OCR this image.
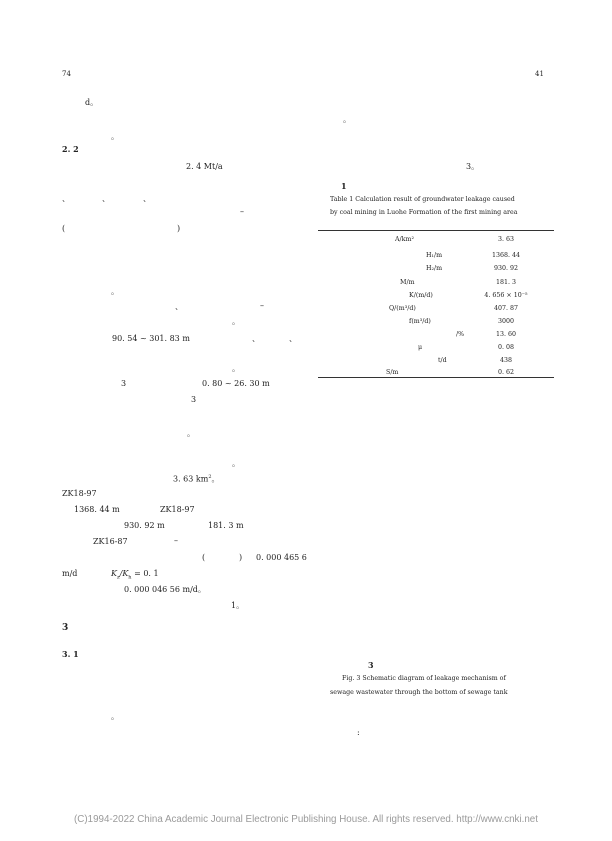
74	41
d。
。
2. 2
2. 4 Mt/a
、	、	、
–
(	)
。
、	–
。
90. 54 ~ 301. 83 m	、	、
。
3	0. 80 ~ 26. 30 m
3
。
。
3. 63 $km^2$。
ZK18-97
1368. 44 m	ZK18-97
930. 92 m	181. 3 m
ZK16-87	–
(	) 0. 000 465 6
m/d	$K_z/K_h = 0$. 1
0. 000 046 56 m/d。
1。
3
3. 1
。
。
3。
1
Table 1 Calculation result of groundwater leakage caused
by coal mining in Luohe Formation of the first mining area
A/km²	3. 63
H₁/m	1368. 44
H₂/m	930. 92
M/m	181. 3
K/(m/d)	4. 656 × 10⁻⁵
Q/(m³/d)	407. 87
f(m³/d)	3000
/%	13. 60
μ	0. 08
t/d	438
S/m	0. 62
3
Fig. 3 Schematic diagram of leakage mechanism of
sewage wastewater through the bottom of sewage tank
:
(C)1994-2022 China Academic Journal Electronic Publishing House. All rights reserved. http://www.cnki.net
